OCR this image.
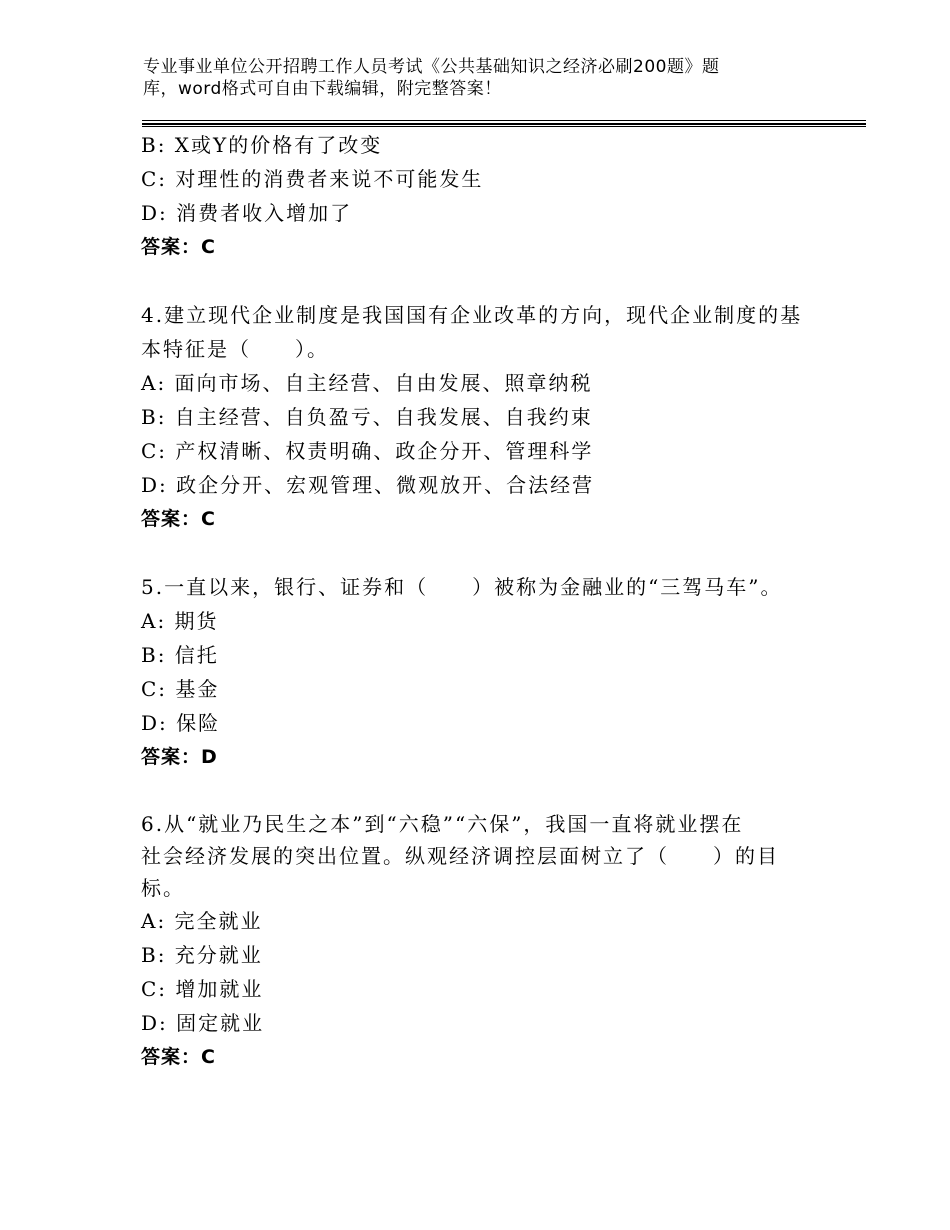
专业事业单位公开招聘工作人员考试《公共基础知识之经济必刷200题》题
库，word格式可自由下载编辑，附完整答案！
B: X或Y的价格有了改变
C: 对理性的消费者来说不可能发生
D: 消费者收入增加了
答案：C
4.建立现代企业制度是我国国有企业改革的方向，现代企业制度的基
本特征是（　　）。
A: 面向市场、自主经营、自由发展、照章纳税
B: 自主经营、自负盈亏、自我发展、自我约束
C: 产权清晰、权责明确、政企分开、管理科学
D: 政企分开、宏观管理、微观放开、合法经营
答案：C
5.一直以来，银行、证券和（　　）被称为金融业的“三驾马车”。
A: 期货
B: 信托
C: 基金
D: 保险
答案：D
6.从“就业乃民生之本”到“六稳”“六保”，我国一直将就业摆在
社会经济发展的突出位置。纵观经济调控层面树立了（　　）的目
标。
A: 完全就业
B: 充分就业
C: 增加就业
D: 固定就业
答案：C
